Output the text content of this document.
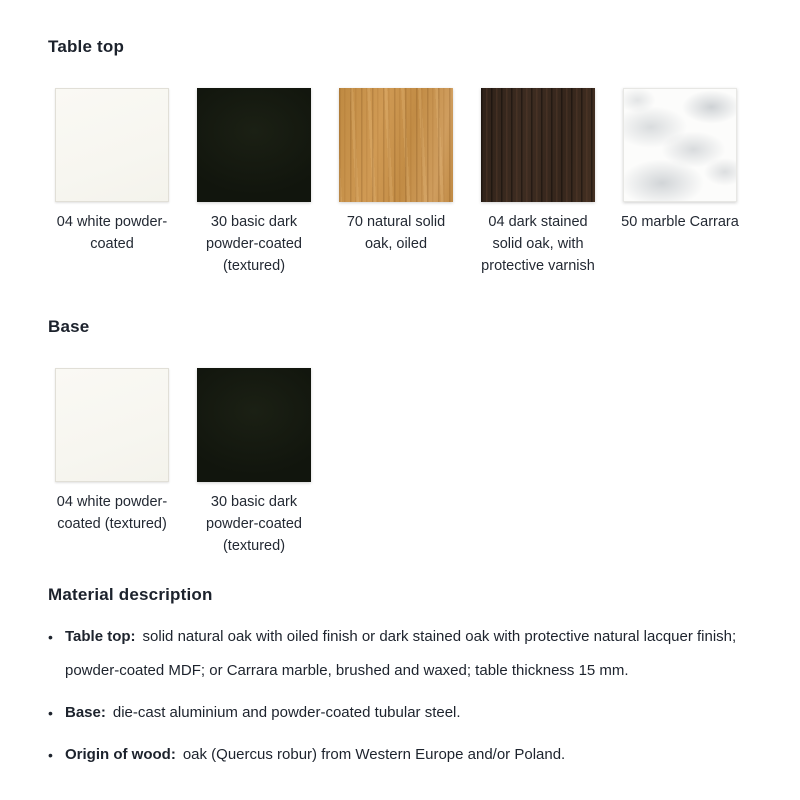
Table top
04 white powder-coated
30 basic dark powder-coated (textured)
70 natural solid oak, oiled
04 dark stained solid oak, with protective varnish
50 marble Carrara
Base
04 white powder-coated (textured)
30 basic dark powder-coated (textured)
Material description
• Table top: solid natural oak with oiled finish or dark stained oak with protective natural lacquer finish; powder-coated MDF; or Carrara marble, brushed and waxed; table thickness 15 mm.
• Base: die-cast aluminium and powder-coated tubular steel.
• Origin of wood: oak (Quercus robur) from Western Europe and/or Poland.
